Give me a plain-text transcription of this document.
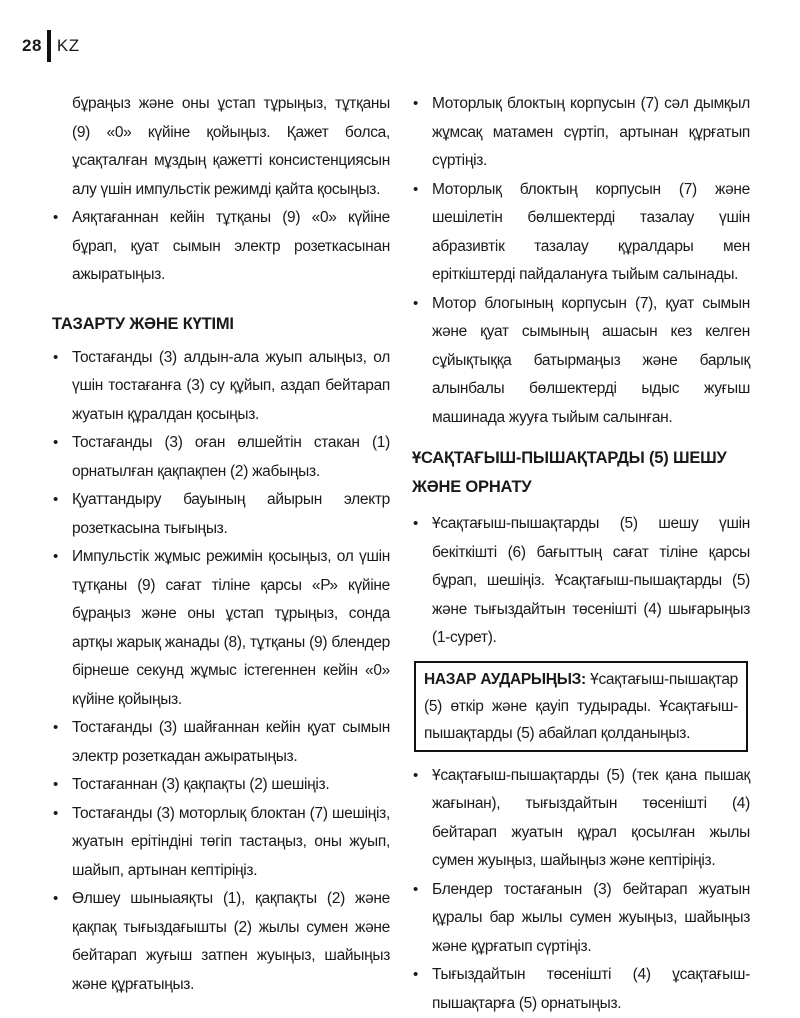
28 KZ

бұраңыз және оны ұстап тұрыңыз, тұтқаны (9) «0» күйіне қойыңыз. Қажет болса, ұсақталған мұздың қажетті консистенциясын алу үшін импульстік режимді қайта қосыңыз.

• Аяқтағаннан кейін тұтқаны (9) «0» күйіне бұрап, қуат сымын электр розеткасынан ажыратыңыз.
ТАЗАРТУ ЖӘНЕ КҮТІМІ
• Тостағанды (3) алдын-ала жуып алыңыз, ол үшін тостағанға (3) су құйып, аздап бейтарап жуатын құралдан қосыңыз.
• Тостағанды (3) оған өлшейтін стакан (1) орнатылған қақпақпен (2) жабыңыз.
• Қуаттандыру бауының айырын электр розеткасына тығыңыз.
• Импульстік жұмыс режимін қосыңыз, ол үшін тұтқаны (9) сағат тіліне қарсы «Р» күйіне бұраңыз және оны ұстап тұрыңыз, сонда артқы жарық жанады (8), тұтқаны (9) блендер бірнеше секунд жұмыс істегеннен кейін «0» күйіне қойыңыз.
• Тостағанды (3) шайғаннан кейін қуат сымын электр розеткадан ажыратыңыз.
• Тостағаннан (3) қақпақты (2) шешіңіз.
• Тостағанды (3) моторлық блоктан (7) шешіңіз, жуатын ерітіндіні төгіп тастаңыз, оны жуып, шайып, артынан кептіріңіз.
• Өлшеу шыныаяқты (1), қақпақты (2) және қақпақ тығыздағышты (2) жылы сумен және бейтарап жуғыш затпен жуыңыз, шайыңыз және құрғатыңыз.
• Моторлық блоктың корпусын (7) сәл дымқыл жұмсақ матамен сүртіп, артынан құрғатып сүртіңіз.
• Моторлық блоктың корпусын (7) және шешілетін бөлшектерді тазалау үшін абразивтік тазалау құралдары мен еріткіштерді пайдалануға тыйым салынады.
• Мотор блогының корпусын (7), қуат сымын және қуат сымының ашасын кез келген сұйықтыққа батырмаңыз және барлық алынбалы бөлшектерді ыдыс жуғыш машинада жууға тыйым салынған.
ҰСАҚТАҒЫШ-ПЫШАҚТАРДЫ (5) ШЕШУ ЖӘНЕ ОРНАТУ
• Ұсақтағыш-пышақтарды (5) шешу үшін бекіткішті (6) бағыттың сағат тіліне қарсы бұрап, шешіңіз. Ұсақтағыш-пышақтарды (5) және тығыздайтын төсенішті (4) шығарыңыз (1-сурет).
НАЗАР АУДАРЫҢЫЗ: Ұсақтағыш-пышақтар (5) өткір және қауіп тудырады. Ұсақтағыш-пышақтарды (5) абайлап қолданыңыз.
• Ұсақтағыш-пышақтарды (5) (тек қана пышақ жағынан), тығыздайтын төсенішті (4) бейтарап жуатын құрал қосылған жылы сумен жуыңыз, шайыңыз және кептіріңіз.
• Блендер тостағанын (3) бейтарап жуатын құралы бар жылы сумен жуыңыз, шайыңыз және құрғатып сүртіңіз.
• Тығыздайтын төсенішті (4) ұсақтағыш-пышақтарға (5) орнатыңыз.
